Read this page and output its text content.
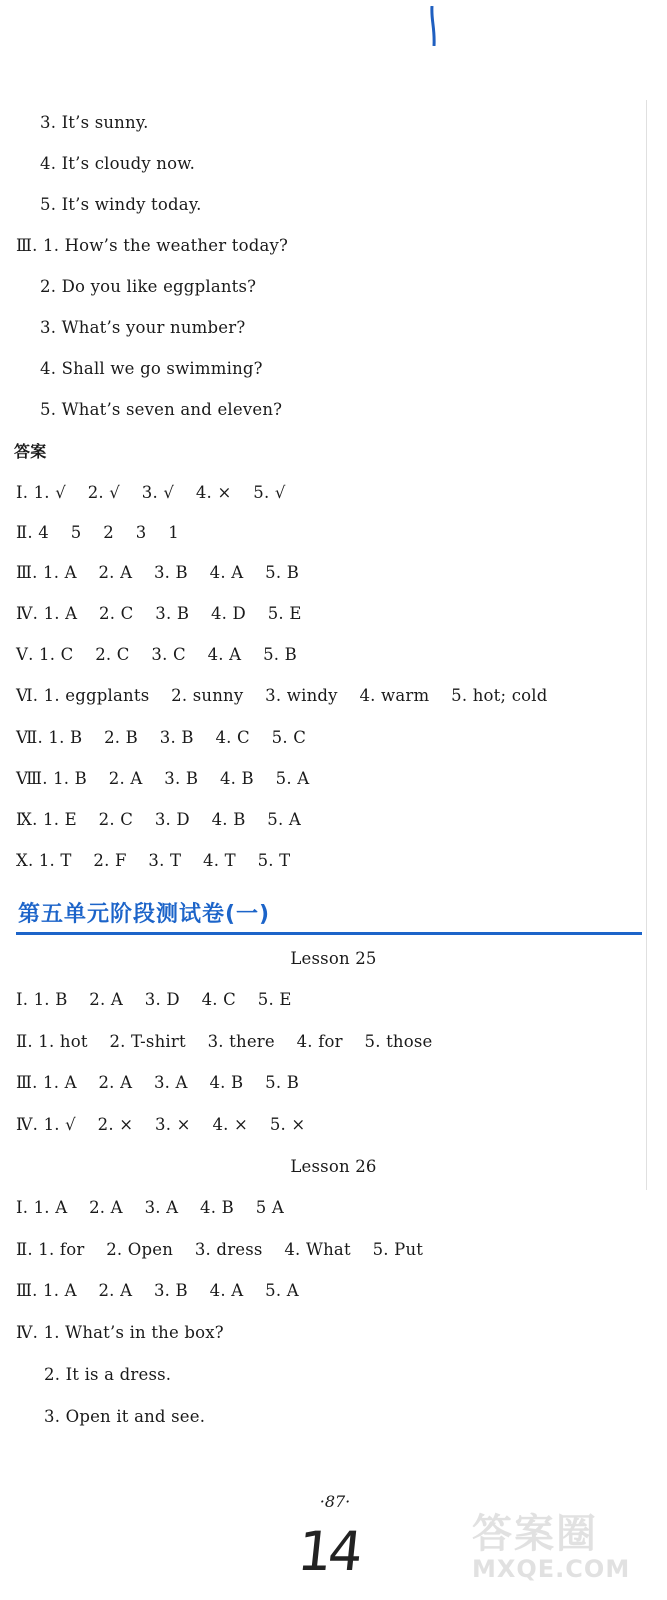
3. It’s sunny.
4. It’s cloudy now.
5. It’s windy today.
Ⅲ. 1. How’s the weather today?
2. Do you like eggplants?
3. What’s your number?
4. Shall we go swimming?
5. What’s seven and eleven?
答案
Ⅰ. 1. √    2. √    3. √    4. ×    5. √
Ⅱ. 4    5    2    3    1
Ⅲ. 1. A    2. A    3. B    4. A    5. B
Ⅳ. 1. A    2. C    3. B    4. D    5. E
Ⅴ. 1. C    2. C    3. C    4. A    5. B
Ⅵ. 1. eggplants    2. sunny    3. windy    4. warm    5. hot; cold
Ⅶ. 1. B    2. B    3. B    4. C    5. C
Ⅷ. 1. B    2. A    3. B    4. B    5. A
Ⅸ. 1. E    2. C    3. D    4. B    5. A
Ⅹ. 1. T    2. F    3. T    4. T    5. T
第五单元阶段测试卷(一)
Lesson 25
Ⅰ. 1. B    2. A    3. D    4. C    5. E
Ⅱ. 1. hot    2. T-shirt    3. there    4. for    5. those
Ⅲ. 1. A    2. A    3. A    4. B    5. B
Ⅳ. 1. √    2. ×    3. ×    4. ×    5. ×
Lesson 26
Ⅰ. 1. A    2. A    3. A    4. B    5 A
Ⅱ. 1. for    2. Open    3. dress    4. What    5. Put
Ⅲ. 1. A    2. A    3. B    4. A    5. A
Ⅳ. 1. What’s in the box?
2. It is a dress.
3. Open it and see.
·87·
14	答案圈
MXQE.COM
